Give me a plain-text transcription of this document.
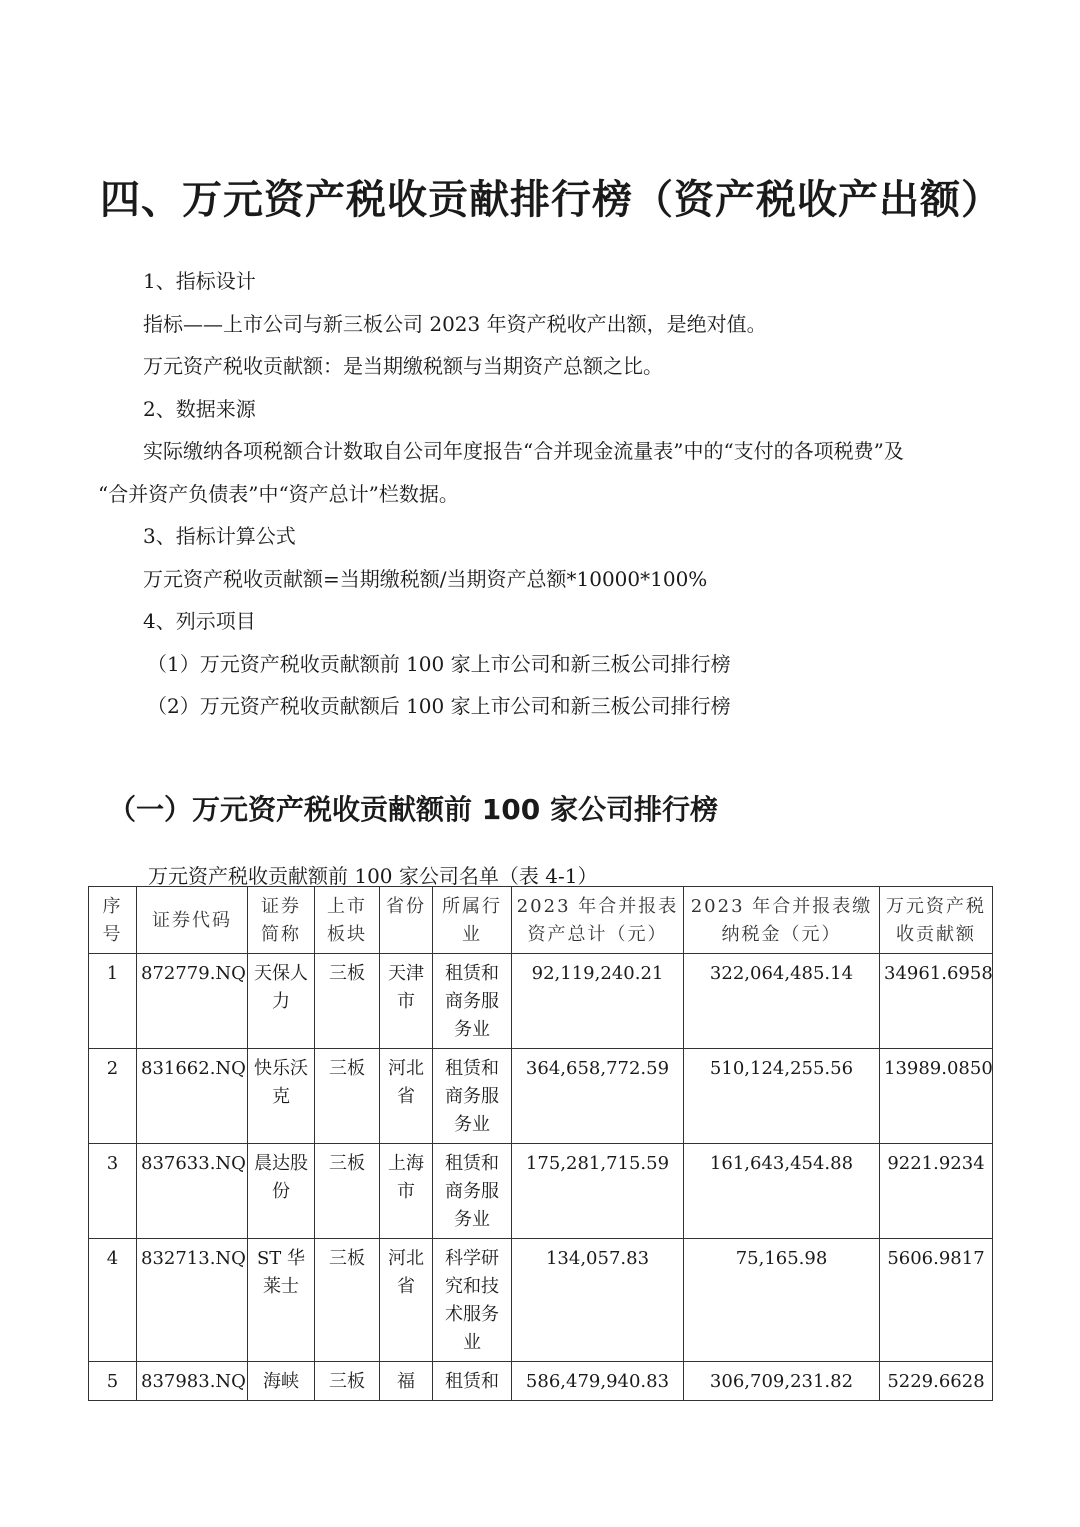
四、万元资产税收贡献排行榜（资产税收产出额）
1、指标设计
指标——上市公司与新三板公司 2023 年资产税收产出额，是绝对值。
万元资产税收贡献额：是当期缴税额与当期资产总额之比。
2、数据来源
实际缴纳各项税额合计数取自公司年度报告“合并现金流量表”中的“支付的各项税费”及
“合并资产负债表”中“资产总计”栏数据。
3、指标计算公式
万元资产税收贡献额=当期缴税额/当期资产总额*10000*100%
4、列示项目
（1）万元资产税收贡献额前 100 家上市公司和新三板公司排行榜
（2）万元资产税收贡献额后 100 家上市公司和新三板公司排行榜
（一）万元资产税收贡献额前 100 家公司排行榜
万元资产税收贡献额前 100 家公司名单（表 4-1）
序号	证券代码	证券简称	上市板块	省份	所属行业	2023 年合并报表资产总计（元）	2023 年合并报表缴纳税金（元）	万元资产税收贡献额
1	872779.NQ	天保人力	三板	天津市	租赁和商务服务业	92,119,240.21	322,064,485.14	34961.6958
2	831662.NQ	快乐沃克	三板	河北省	租赁和商务服务业	364,658,772.59	510,124,255.56	13989.0850
3	837633.NQ	晨达股份	三板	上海市	租赁和商务服务业	175,281,715.59	161,643,454.88	9221.9234
4	832713.NQ	ST 华莱士	三板	河北省	科学研究和技术服务业	134,057.83	75,165.98	5606.9817
5	837983.NQ	海峡	三板	福	租赁和	586,479,940.83	306,709,231.82	5229.6628
